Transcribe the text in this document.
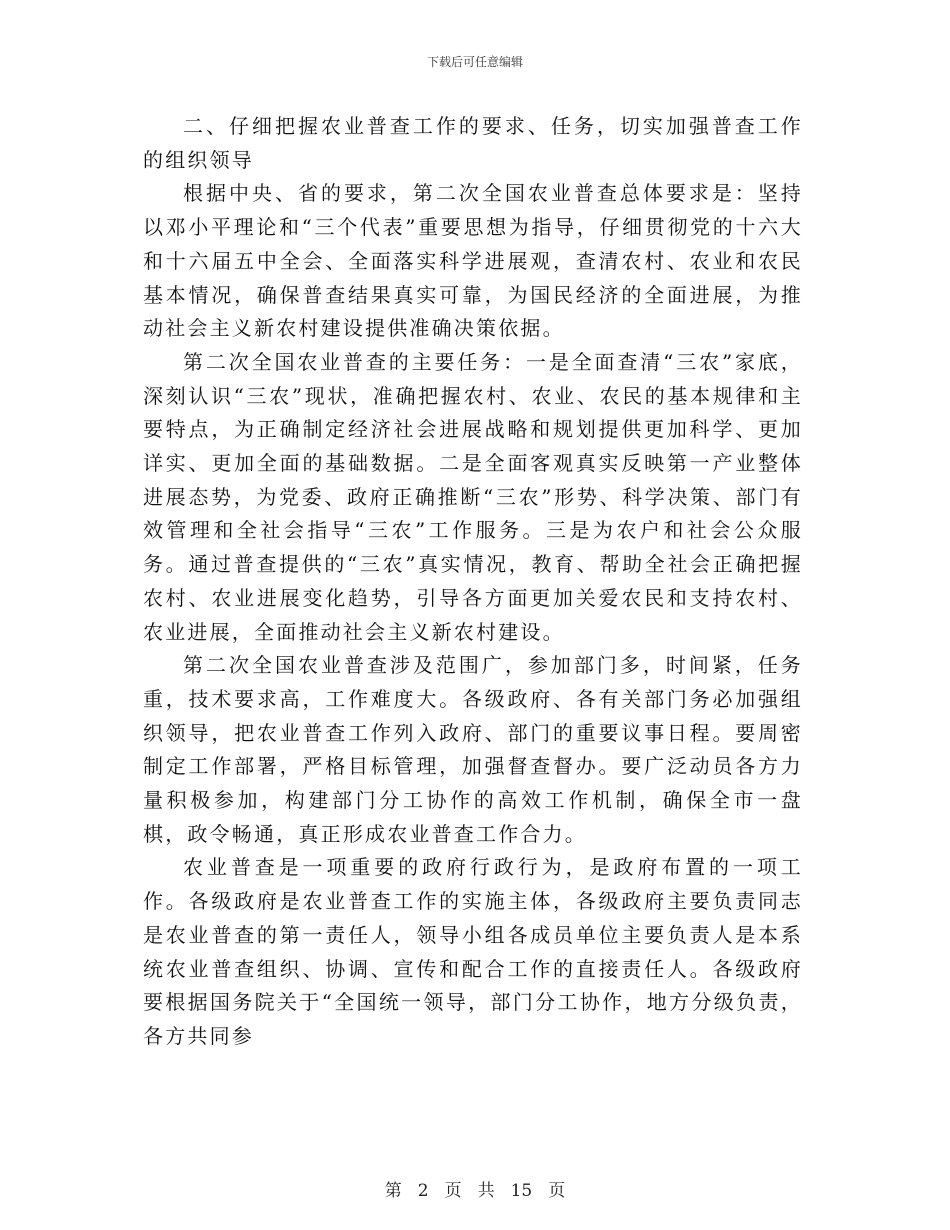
下载后可任意编辑

二、仔细把握农业普查工作的要求、任务，切实加强普查工作的组织领导

根据中央、省的要求，第二次全国农业普查总体要求是：坚持以邓小平理论和“三个代表”重要思想为指导，仔细贯彻党的十六大和十六届五中全会、全面落实科学进展观，查清农村、农业和农民基本情况，确保普查结果真实可靠，为国民经济的全面进展，为推动社会主义新农村建设提供准确决策依据。

第二次全国农业普查的主要任务：一是全面查清“三农”家底，深刻认识“三农”现状，准确把握农村、农业、农民的基本规律和主要特点，为正确制定经济社会进展战略和规划提供更加科学、更加详实、更加全面的基础数据。二是全面客观真实反映第一产业整体进展态势，为党委、政府正确推断“三农”形势、科学决策、部门有效管理和全社会指导“三农”工作服务。三是为农户和社会公众服务。通过普查提供的“三农”真实情况，教育、帮助全社会正确把握农村、农业进展变化趋势，引导各方面更加关爱农民和支持农村、农业进展，全面推动社会主义新农村建设。

第二次全国农业普查涉及范围广，参加部门多，时间紧，任务重，技术要求高，工作难度大。各级政府、各有关部门务必加强组织领导，把农业普查工作列入政府、部门的重要议事日程。要周密制定工作部署，严格目标管理，加强督查督办。要广泛动员各方力量积极参加，构建部门分工协作的高效工作机制，确保全市一盘棋，政令畅通，真正形成农业普查工作合力。

农业普查是一项重要的政府行政行为，是政府布置的一项工作。各级政府是农业普查工作的实施主体，各级政府主要负责同志是农业普查的第一责任人，领导小组各成员单位主要负责人是本系统农业普查组织、协调、宣传和配合工作的直接责任人。各级政府要根据国务院关于“全国统一领导，部门分工协作，地方分级负责，各方共同参

第 2 页 共 15 页
